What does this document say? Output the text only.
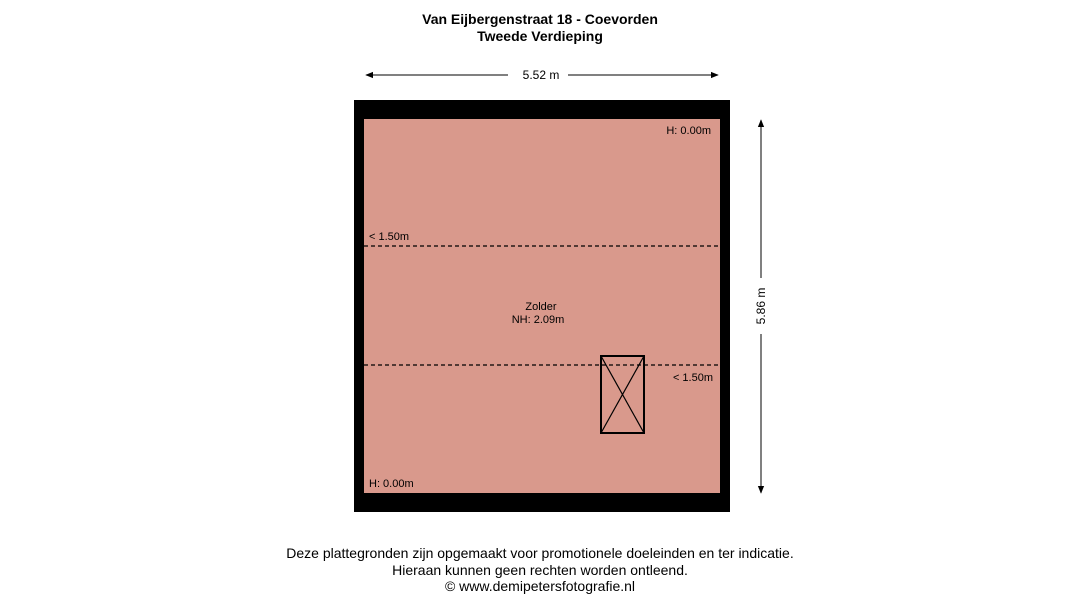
Van Eijbergenstraat 18 - Coevorden
Tweede Verdieping
5.52 m
5.86 m
H: 0.00m
< 1.50m
Zolder
NH: 2.09m
< 1.50m
H: 0.00m
Deze plattegronden zijn opgemaakt voor promotionele doeleinden en ter indicatie.
Hieraan kunnen geen rechten worden ontleend.
© www.demipetersfotografie.nl
